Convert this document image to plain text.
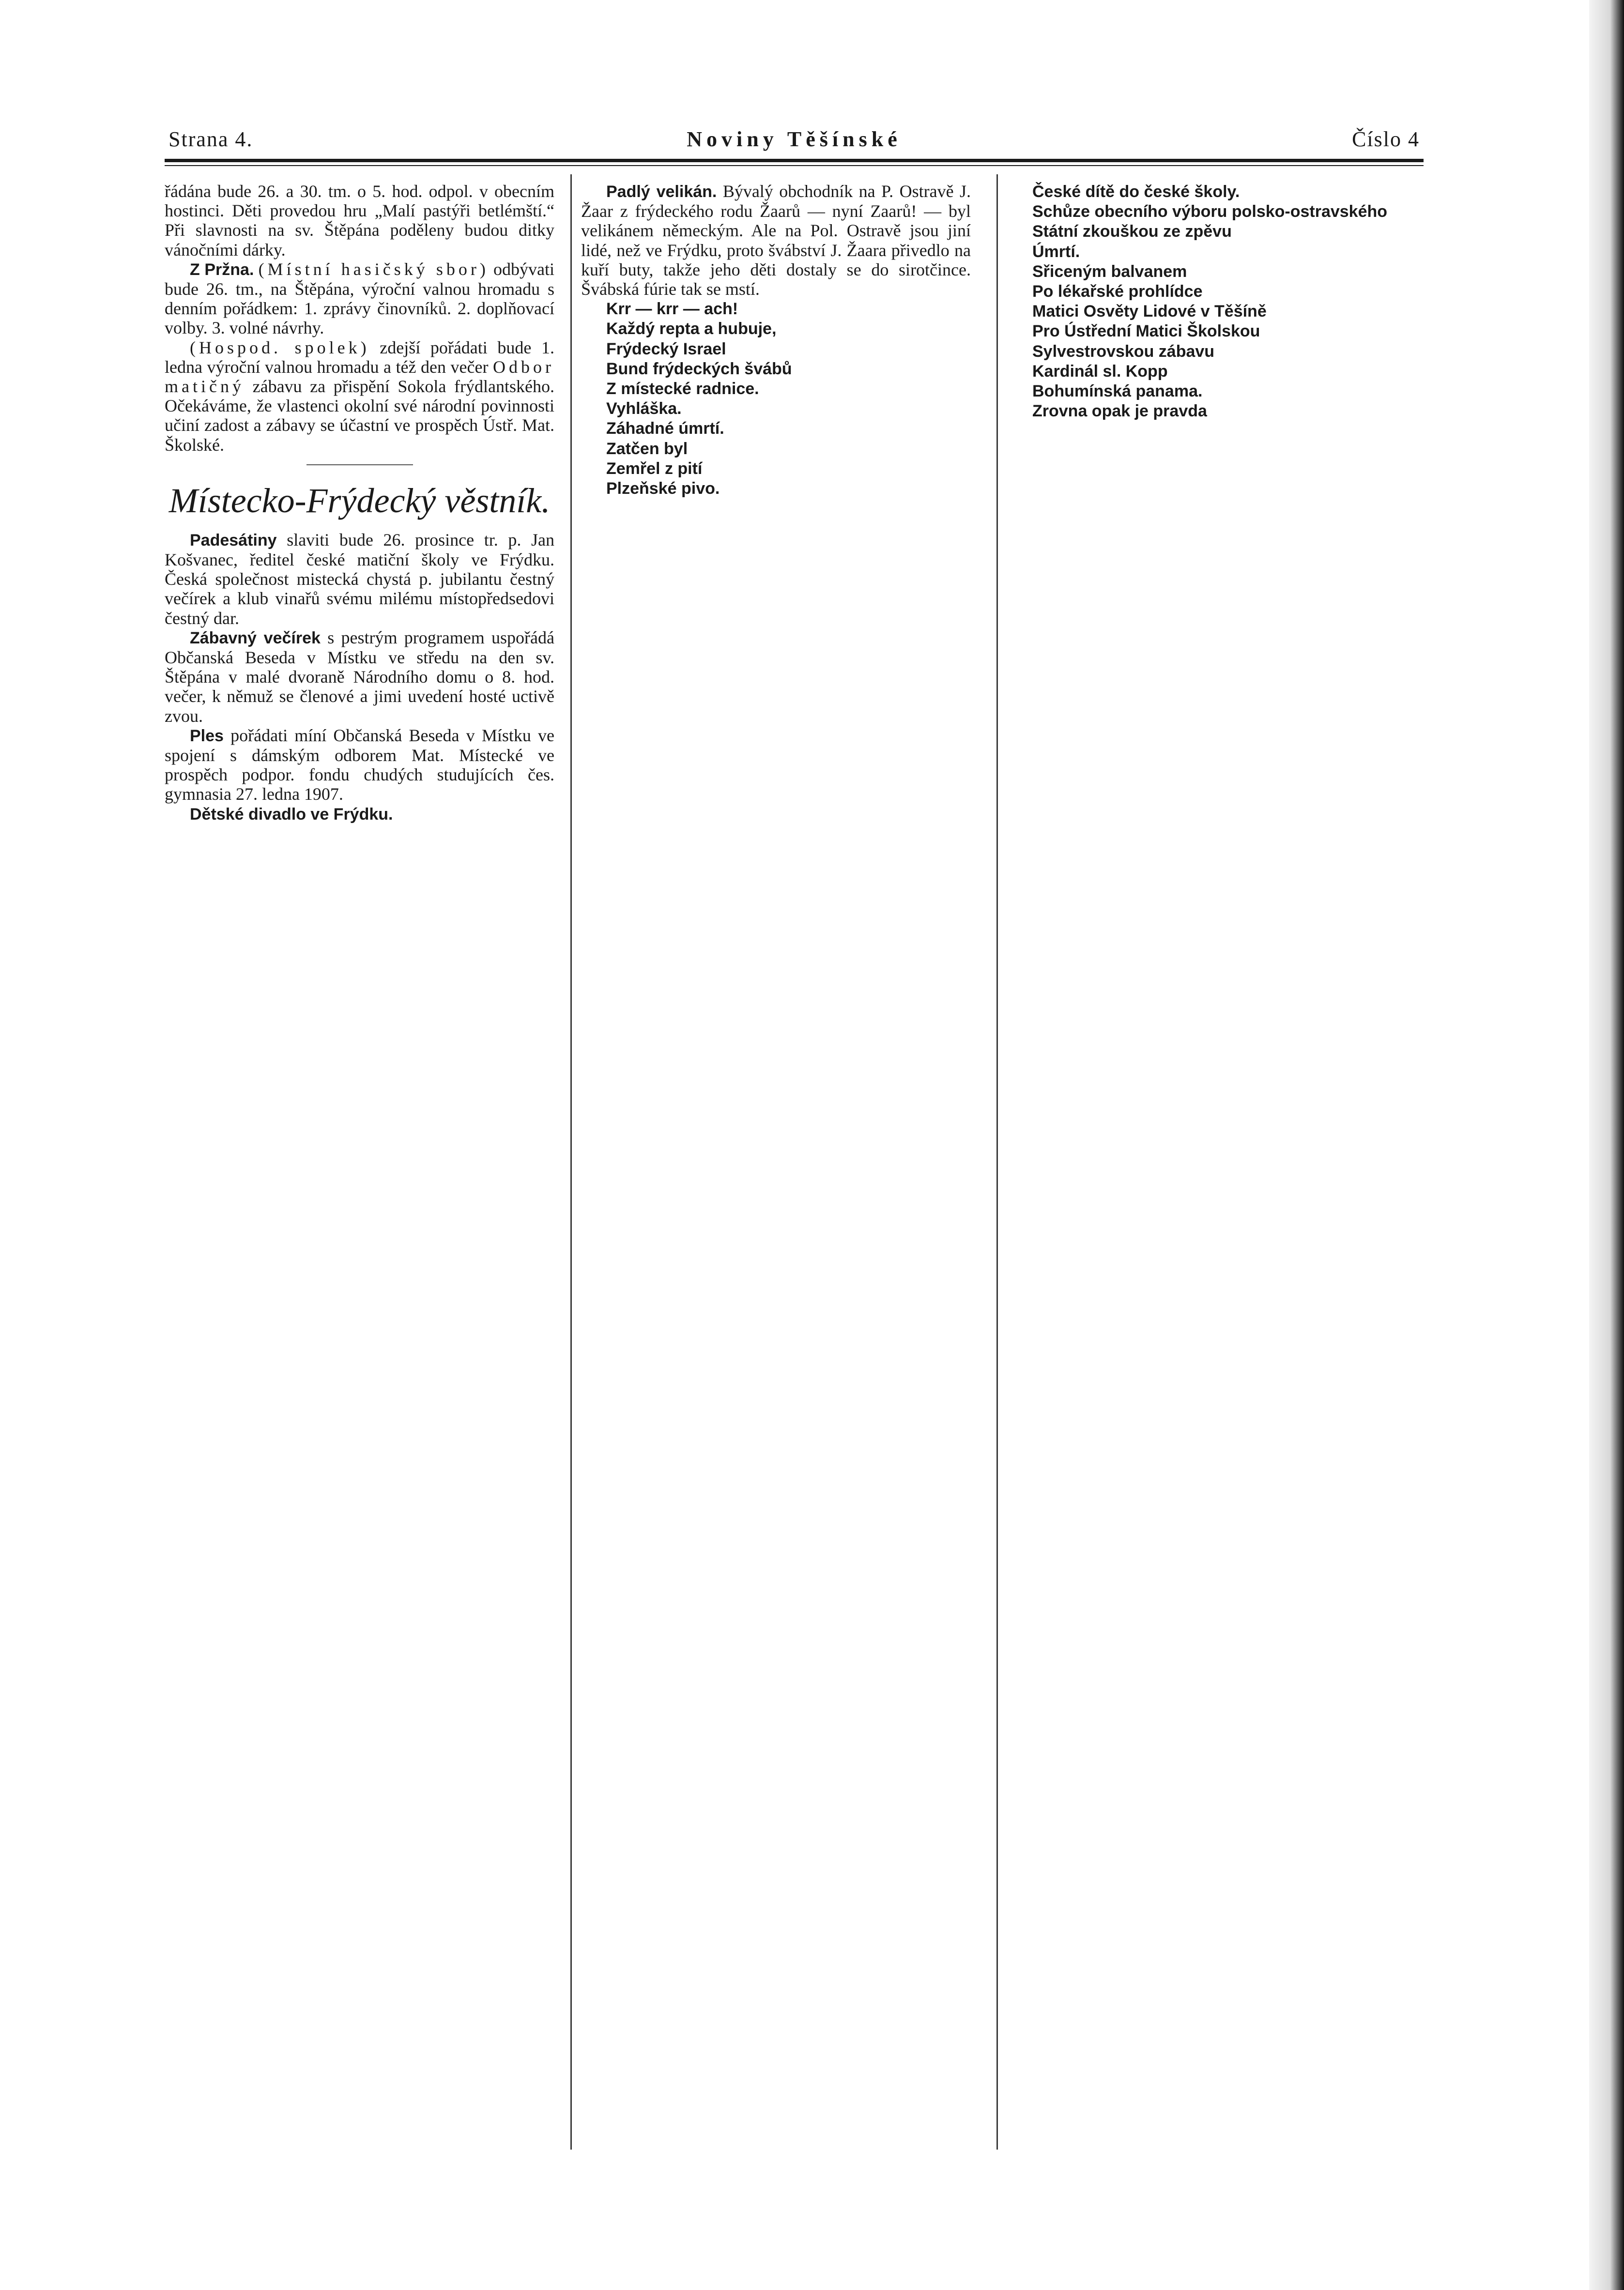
Strana 4.	Noviny Těšínské	Číslo 4

řádána bude 26. a 30. tm. o 5. hod. odpol. v obecním hostinci. Děti provedou hru „Malí pastýři betlémští.“ Při slavnosti na sv. Štěpána poděleny budou ditky vánočními dárky.

Z Pržna. (Místní hasičský sbor) odbývati bude 26. tm., na Štěpána, výroční valnou hromadu s denním pořádkem: 1. zprávy činovníků. 2. doplňovací volby. 3. volné návrhy.

(Hospod. spolek) zdejší pořádati bude 1. ledna výroční valnou hromadu a též den večer Odbor matičný zábavu za přispění Sokola frýdlantského. Očekáváme, že vlastenci okolní své národní povinnosti učiní zadost a zábavy se účastní ve prospěch Ústř. Mat. Školské.

Místecko-Frýdecký věstník.

Padesátiny slaviti bude 26. prosince tr. p. Jan Košvanec, ředitel české matiční školy ve Frýdku. Česká společnost mistecká chystá p. jubilantu čestný večírek a klub vinařů svému milému místopředsedovi čestný dar.

Zábavný večírek s pestrým programem uspořádá Občanská Beseda v Místku ve středu na den sv. Štěpána v malé dvoraně Národního domu o 8. hod. večer, k němuž se členové a jimi uvedení hosté uctivě zvou.

Ples pořádati míní Občanská Beseda v Místku ve spojení s dámským odborem Mat. Místecké ve prospěch podpor. fondu chudých studujících čes. gymnasia 27. ledna 1907.

Dětské divadlo ve Frýdku.

Padlý velikán. Bývalý obchodník na P. Ostravě J. Žaar z frýdeckého rodu Žaarů — nyní Zaarů! — byl velikánem německým. Ale na Pol. Ostravě jsou jiní lidé, než ve Frýdku, proto švábství J. Žaara přivedlo na kuří buty, takže jeho děti dostaly se do sirotčince. Švábská fúrie tak se mstí.

Krr — krr — ach!

Každý repta a hubuje,

Frýdecký Israel

Bund frýdeckých švábů

Z místecké radnice.

Vyhláška.

Záhadné úmrtí.

Zatčen byl

Zemřel z pití

Plzeňské pivo.

České dítě do české školy.

Schůze obecního výboru polsko-ostravského

Státní zkouškou ze zpěvu

Úmrtí.

Sřiceným balvanem

Po lékařské prohlídce

Matici Osvěty Lidové v Těšíně

Pro Ústřední Matici Školskou

Sylvestrovskou zábavu

Kardinál sl. Kopp

Bohumínská panama.

Zrovna opak je pravda
